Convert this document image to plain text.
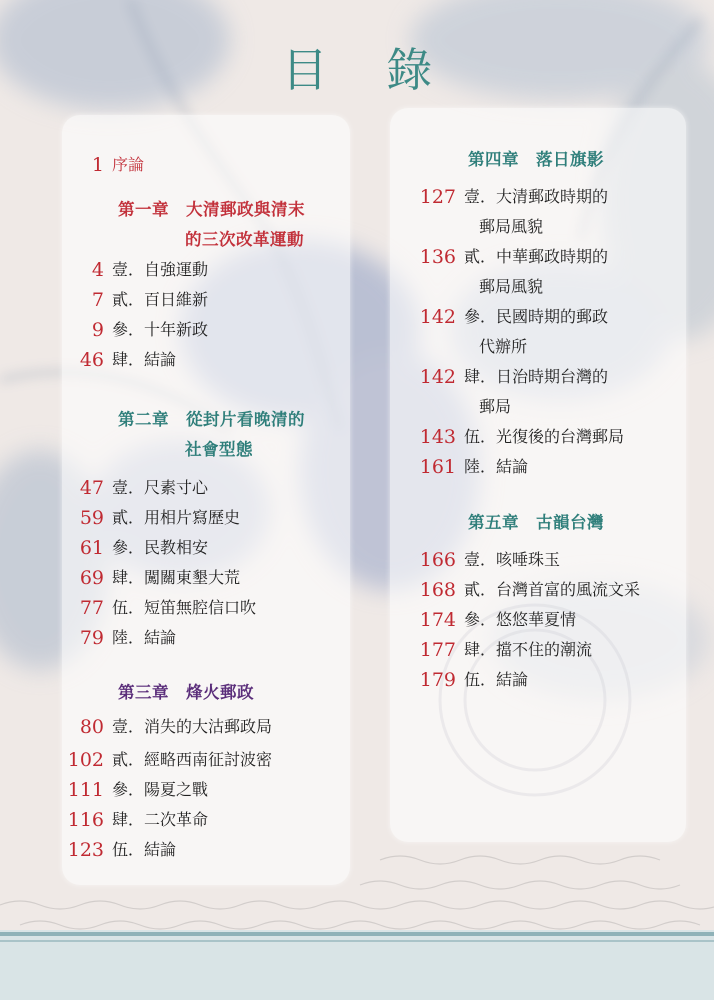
目 錄
1 序論
第一章　大清郵政與清末
的三次改革運動
4 壹．自強運動
7 貳．百日維新
9 參．十年新政
46 肆．結論
第二章　從封片看晚清的
社會型態
47 壹．尺素寸心
59 貳．用相片寫歷史
61 參．民教相安
69 肆．闖關東墾大荒
77 伍．短笛無腔信口吹
79 陸．結論
第三章　烽火郵政
80 壹．消失的大沽郵政局
102 貳．經略西南征討波密
111 參．陽夏之戰
116 肆．二次革命
123 伍．結論
第四章　落日旗影
127 壹．大清郵政時期的
郵局風貌
136 貳．中華郵政時期的
郵局風貌
142 參．民國時期的郵政
代辦所
142 肆．日治時期台灣的
郵局
143 伍．光復後的台灣郵局
161 陸．結論
第五章　古韻台灣
166 壹．咳唾珠玉
168 貳．台灣首富的風流文采
174 參．悠悠華夏情
177 肆．擋不住的潮流
179 伍．結論
